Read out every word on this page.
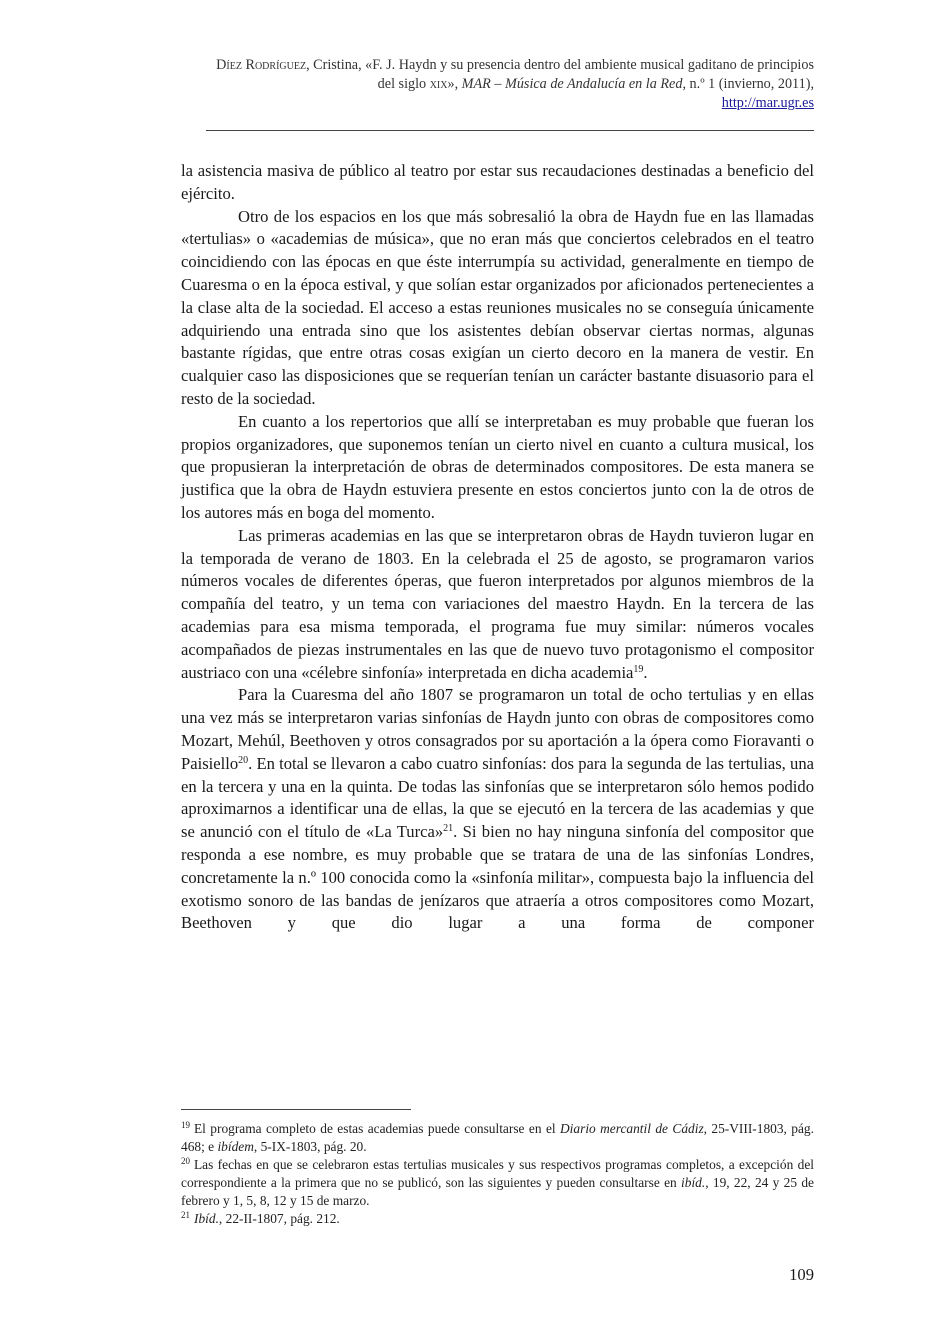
Díez Rodríguez, Cristina, «F. J. Haydn y su presencia dentro del ambiente musical gaditano de principios del siglo xix», MAR – Música de Andalucía en la Red, n.º 1 (invierno, 2011),
http://mar.ugr.es

la asistencia masiva de público al teatro por estar sus recaudaciones destinadas a beneficio del ejército.

Otro de los espacios en los que más sobresalió la obra de Haydn fue en las llamadas «tertulias» o «academias de música», que no eran más que conciertos celebrados en el teatro coincidiendo con las épocas en que éste interrumpía su actividad, generalmente en tiempo de Cuaresma o en la época estival, y que solían estar organizados por aficionados pertenecientes a la clase alta de la sociedad. El acceso a estas reuniones musicales no se conseguía únicamente adquiriendo una entrada sino que los asistentes debían observar ciertas normas, algunas bastante rígidas, que entre otras cosas exigían un cierto decoro en la manera de vestir. En cualquier caso las disposiciones que se requerían tenían un carácter bastante disuasorio para el resto de la sociedad.

En cuanto a los repertorios que allí se interpretaban es muy probable que fueran los propios organizadores, que suponemos tenían un cierto nivel en cuanto a cultura musical, los que propusieran la interpretación de obras de determinados compositores. De esta manera se justifica que la obra de Haydn estuviera presente en estos conciertos junto con la de otros de los autores más en boga del momento.

Las primeras academias en las que se interpretaron obras de Haydn tuvieron lugar en la temporada de verano de 1803. En la celebrada el 25 de agosto, se programaron varios números vocales de diferentes óperas, que fueron interpretados por algunos miembros de la compañía del teatro, y un tema con variaciones del maestro Haydn. En la tercera de las academias para esa misma temporada, el programa fue muy similar: números vocales acompañados de piezas instrumentales en las que de nuevo tuvo protagonismo el compositor austriaco con una «célebre sinfonía» interpretada en dicha academia$^{19}$.

Para la Cuaresma del año 1807 se programaron un total de ocho tertulias y en ellas una vez más se interpretaron varias sinfonías de Haydn junto con obras de compositores como Mozart, Mehúl, Beethoven y otros consagrados por su aportación a la ópera como Fioravanti o Paisiello$^{20}$. En total se llevaron a cabo cuatro sinfonías: dos para la segunda de las tertulias, una en la tercera y una en la quinta. De todas las sinfonías que se interpretaron sólo hemos podido aproximarnos a identificar una de ellas, la que se ejecutó en la tercera de las academias y que se anunció con el título de «La Turca»$^{21}$. Si bien no hay ninguna sinfonía del compositor que responda a ese nombre, es muy probable que se tratara de una de las sinfonías Londres, concretamente la n.º 100 conocida como la «sinfonía militar», compuesta bajo la influencia del exotismo sonoro de las bandas de jenízaros que atraería a otros compositores como Mozart, Beethoven y que dio lugar a una forma de componer

$^{19}$ El programa completo de estas academias puede consultarse en el Diario mercantil de Cádiz, 25-VIII-1803, pág. 468; e ibídem, 5-IX-1803, pág. 20.

$^{20}$ Las fechas en que se celebraron estas tertulias musicales y sus respectivos programas completos, a excepción del correspondiente a la primera que no se publicó, son las siguientes y pueden consultarse en ibíd., 19, 22, 24 y 25 de febrero y 1, 5, 8, 12 y 15 de marzo.

$^{21}$ Ibíd., 22-II-1807, pág. 212.

109
